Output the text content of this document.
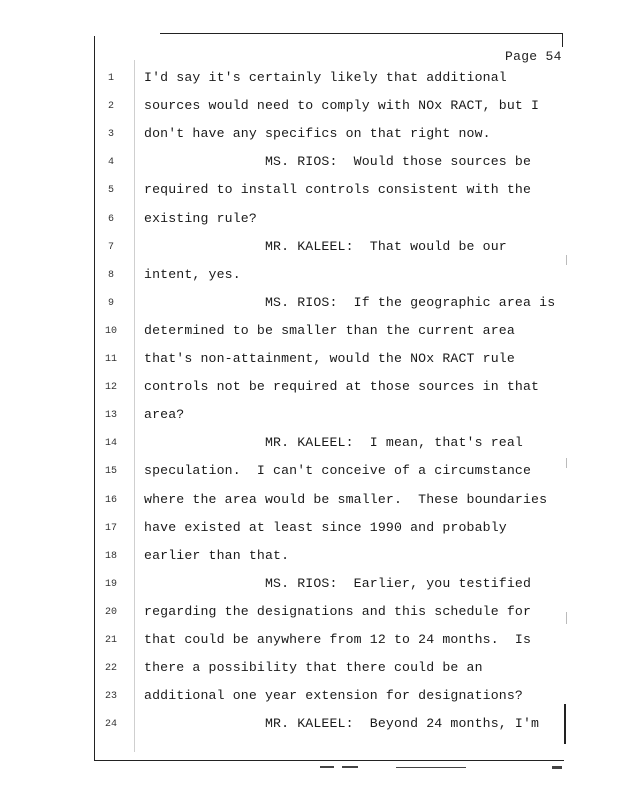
Page 54
1	I'd say it's certainly likely that additional
2	sources would need to comply with NOx RACT, but I
3	don't have any specifics on that right now.
4	MS. RIOS:  Would those sources be
5	required to install controls consistent with the
6	existing rule?
7	MR. KALEEL:  That would be our
8	intent, yes.
9	MS. RIOS:  If the geographic area is
10	determined to be smaller than the current area
11	that's non-attainment, would the NOx RACT rule
12	controls not be required at those sources in that
13	area?
14	MR. KALEEL:  I mean, that's real
15	speculation.  I can't conceive of a circumstance
16	where the area would be smaller.  These boundaries
17	have existed at least since 1990 and probably
18	earlier than that.
19	MS. RIOS:  Earlier, you testified
20	regarding the designations and this schedule for
21	that could be anywhere from 12 to 24 months.  Is
22	there a possibility that there could be an
23	additional one year extension for designations?
24	MR. KALEEL:  Beyond 24 months, I'm
